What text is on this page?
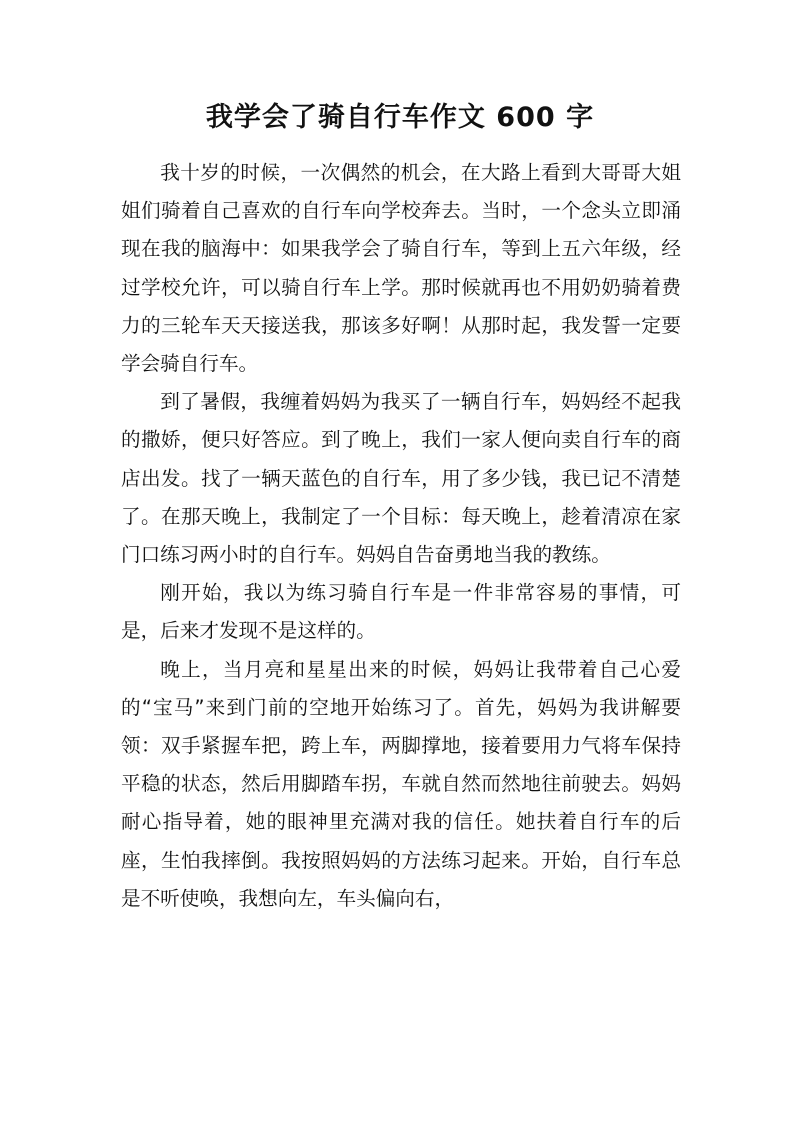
我学会了骑自行车作文 600 字

我十岁的时候，一次偶然的机会，在大路上看到大哥哥大姐姐们骑着自己喜欢的自行车向学校奔去。当时，一个念头立即涌现在我的脑海中：如果我学会了骑自行车，等到上五六年级，经过学校允许，可以骑自行车上学。那时候就再也不用奶奶骑着费力的三轮车天天接送我，那该多好啊！从那时起，我发誓一定要学会骑自行车。

到了暑假，我缠着妈妈为我买了一辆自行车，妈妈经不起我的撒娇，便只好答应。到了晚上，我们一家人便向卖自行车的商店出发。找了一辆天蓝色的自行车，用了多少钱，我已记不清楚了。在那天晚上，我制定了一个目标：每天晚上，趁着清凉在家门口练习两小时的自行车。妈妈自告奋勇地当我的教练。

刚开始，我以为练习骑自行车是一件非常容易的事情，可是，后来才发现不是这样的。

晚上，当月亮和星星出来的时候，妈妈让我带着自己心爱的“宝马”来到门前的空地开始练习了。首先，妈妈为我讲解要领：双手紧握车把，跨上车，两脚撑地，接着要用力气将车保持平稳的状态，然后用脚踏车拐，车就自然而然地往前驶去。妈妈耐心指导着，她的眼神里充满对我的信任。她扶着自行车的后座，生怕我摔倒。我按照妈妈的方法练习起来。开始，自行车总是不听使唤，我想向左，车头偏向右，
